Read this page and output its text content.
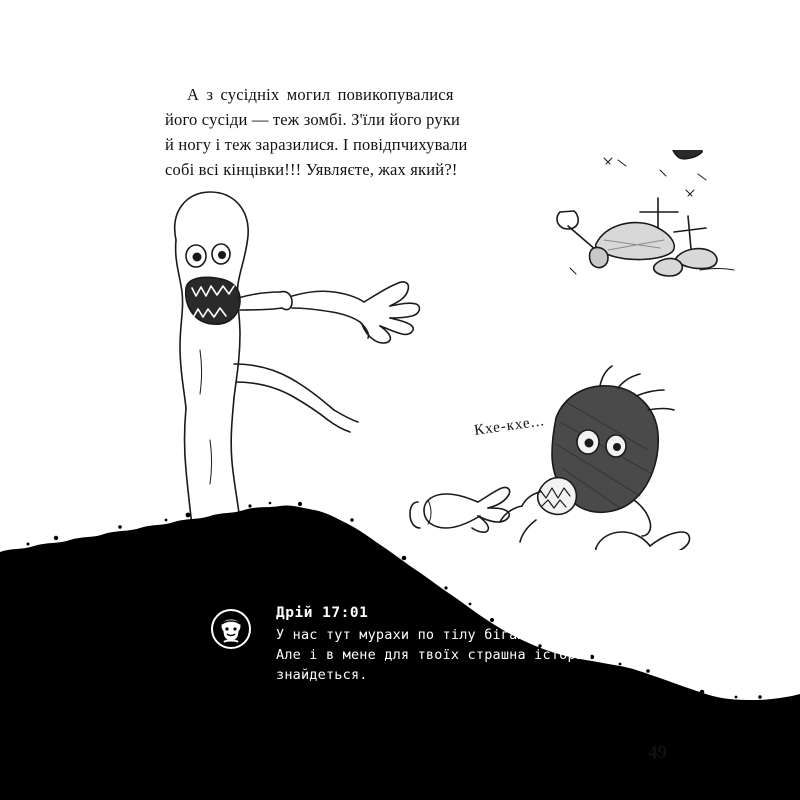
А з сусідніх могил повикопувалися
його сусіди — теж зомбі. З'їли його руки
й ногу і теж заразилися. І повідпчихували
собі всі кінцівки!!! Уявляєте, жах який?!
Кхе-кхе...
Дрій 17:01
У нас тут мурахи по тілу бігають від жаху! Але і в мене для твоїх страшна історія знайдеться.
49
